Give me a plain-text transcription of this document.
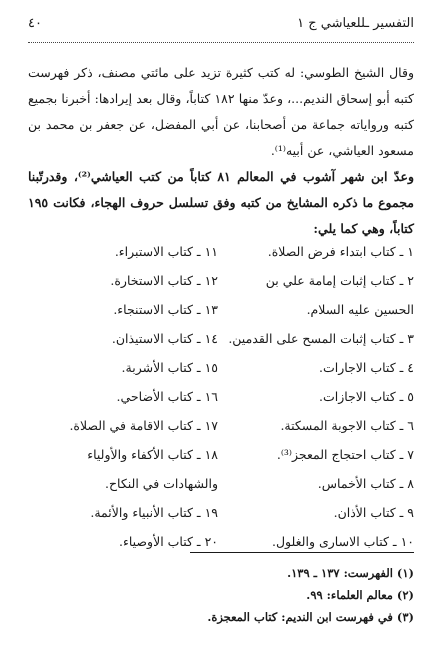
التفسير ـللعياشي ج ١
٤٠

وقال الشيخ الطوسي: له كتب كثيرة تزيد على مائتي مصنف، ذكر فهرست كتبه أبو إسحاق النديم...، وعدّ منها ١٨٢ كتاباً، وقال بعد إيرادها: أخبرنا بجميع كتبه ورواياته جماعة من أصحابنا، عن أبي المفضل، عن جعفر بن محمد بن مسعود العياشي، عن أبيه⁽¹⁾.

وعدّ ابن شهر آشوب في المعالم ٨١ كتاباً من كتب العياشي⁽²⁾، وقدرتّبنا مجموع ما ذكره المشايخ من كتبه وفق تسلسل حروف الهجاء، فكانت ١٩٥ كتاباً، وهي كما يلي:

١ ـ كتاب ابتداء فرض الصلاة.
١١ ـ كتاب الاستبراء.
٢ ـ كتاب إثبات إمامة علي بن
١٢ ـ كتاب الاستخارة.
الحسين عليه السلام.
١٣ ـ كتاب الاستنجاء.
٣ ـ كتاب إثبات المسح على القدمين.
١٤ ـ كتاب الاستيذان.
٤ ـ كتاب الاجارات.
١٥ ـ كتاب الأشربة.
٥ ـ كتاب الاجازات.
١٦ ـ كتاب الأضاحي.
٦ ـ كتاب الاجوبة المسكتة.
١٧ ـ كتاب الاقامة في الصلاة.
٧ ـ كتاب احتجاج المعجز⁽³⁾.
١٨ ـ كتاب الأكفاء والأولياء
٨ ـ كتاب الأخماس.
والشهادات في النكاح.
٩ ـ كتاب الأذان.
١٩ ـ كتاب الأنبياء والأئمة.
١٠ ـ كتاب الاسارى والغلول.
٢٠ ـ كتاب الأوصياء.

(١) الفهرست: ١٣٧ ـ ١٣٩.

(٢) معالم العلماء: ٩٩.

(٣) في فهرست ابن النديم: كتاب المعجزة.
